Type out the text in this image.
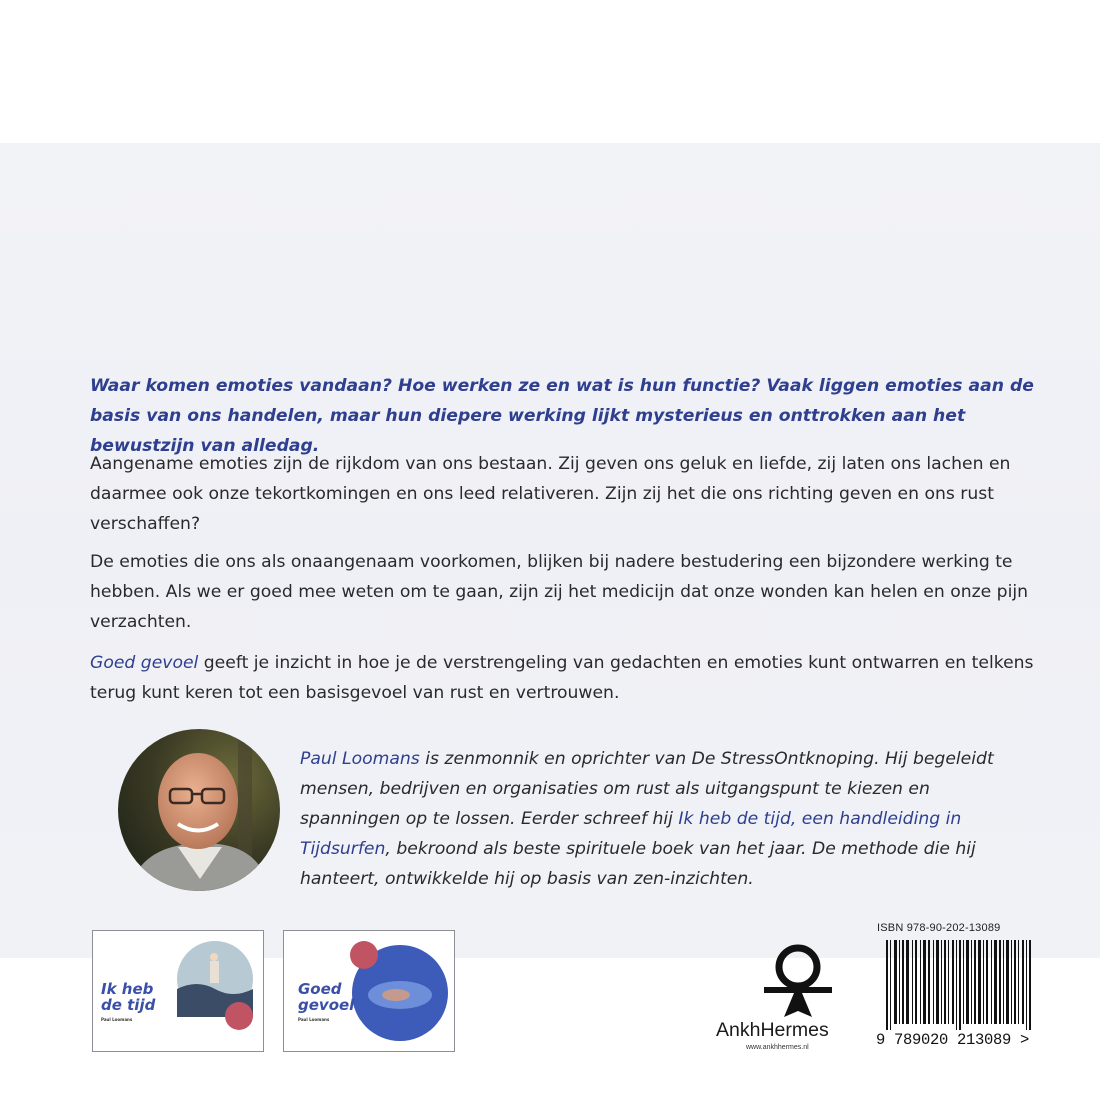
Waar komen emoties vandaan? Hoe werken ze en wat is hun functie? Vaak liggen emoties aan de basis van ons handelen, maar hun diepere werking lijkt mysterieus en onttrokken aan het bewustzijn van alledag.

Aangename emoties zijn de rijkdom van ons bestaan. Zij geven ons geluk en liefde, zij laten ons lachen en daarmee ook onze tekortkomingen en ons leed relativeren. Zijn zij het die ons richting geven en ons rust verschaffen?

De emoties die ons als onaangenaam voorkomen, blijken bij nadere bestudering een bijzondere werking te hebben. Als we er goed mee weten om te gaan, zijn zij het medicijn dat onze wonden kan helen en onze pijn verzachten.

Goed gevoel geeft je inzicht in hoe je de verstrengeling van gedachten en emoties kunt ontwarren en telkens terug kunt keren tot een basisgevoel van rust en vertrouwen.

Paul Loomans is zenmonnik en oprichter van De StressOntknoping. Hij begeleidt mensen, bedrijven en organisaties om rust als uitgangspunt te kiezen en spanningen op te lossen. Eerder schreef hij Ik heb de tijd, een handleiding in Tijdsurfen, bekroond als beste spirituele boek van het jaar. De methode die hij hanteert, ontwikkelde hij op basis van zen-inzichten.

Ik heb
de tijd
Paul Loomans
Goed
gevoel
Paul Loomans	AnkhHermes
www.ankhhermes.nl
ISBN 978-90-202-13089
9 789020 213089 >
